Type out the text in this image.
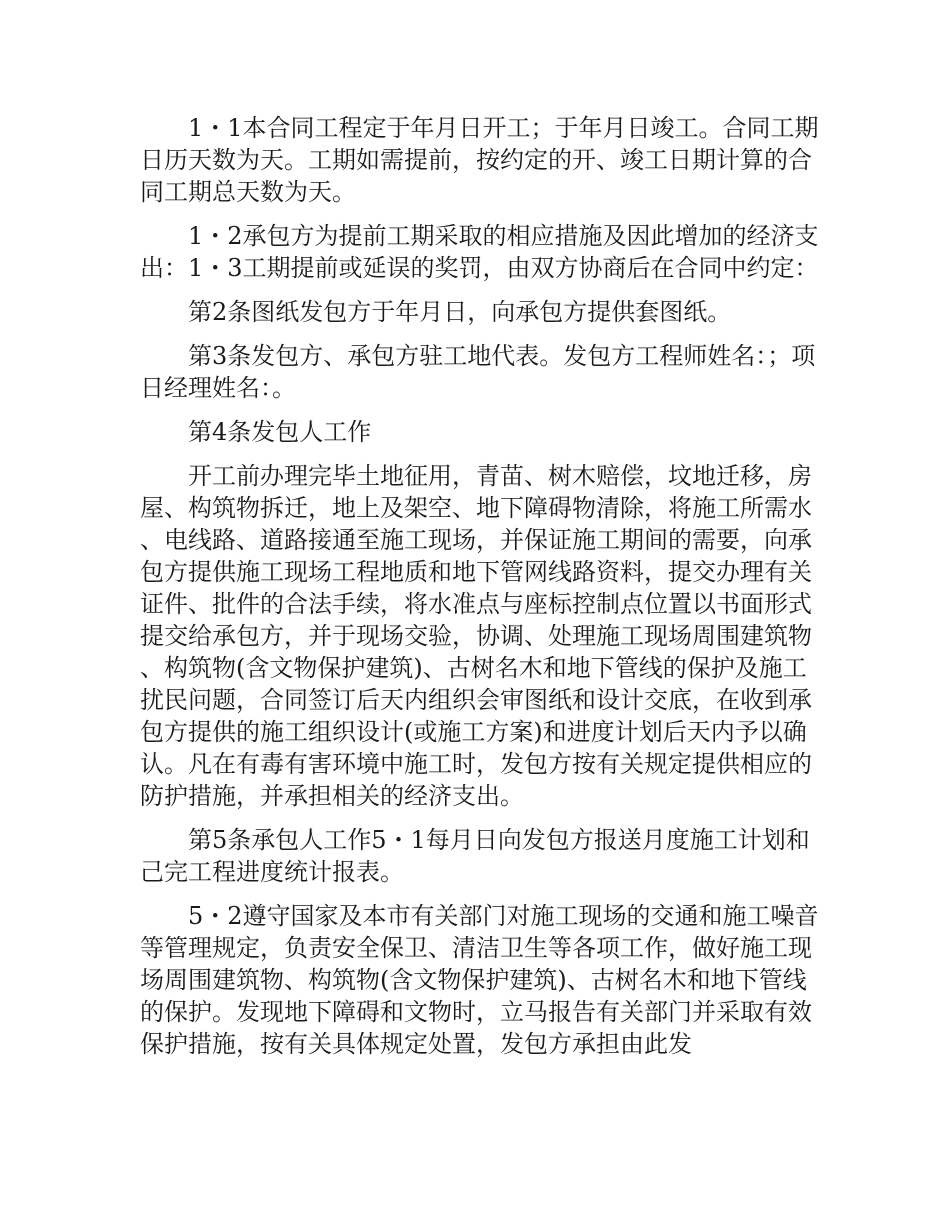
1・1本合同工程定于年月日开工；于年月日竣工。合同工期日历天数为天。工期如需提前，按约定的开、竣工日期计算的合同工期总天数为天。

1・2承包方为提前工期采取的相应措施及因此增加的经济支出：1・3工期提前或延误的奖罚，由双方协商后在合同中约定：

第2条图纸发包方于年月日，向承包方提供套图纸。

第3条发包方、承包方驻工地代表。发包方工程师姓名：；项日经理姓名：。

第4条发包人工作

开工前办理完毕土地征用，青苗、树木赔偿，坟地迁移，房屋、构筑物拆迁，地上及架空、地下障碍物清除，将施工所需水、电线路、道路接通至施工现场，并保证施工期间的需要，向承包方提供施工现场工程地质和地下管网线路资料，提交办理有关证件、批件的合法手续，将水准点与座标控制点位置以书面形式提交给承包方，并于现场交验，协调、处理施工现场周围建筑物、构筑物(含文物保护建筑)、古树名木和地下管线的保护及施工扰民问题，合同签订后天内组织会审图纸和设计交底，在收到承包方提供的施工组织设计(或施工方案)和进度计划后天内予以确认。凡在有毒有害环境中施工时，发包方按有关规定提供相应的防护措施，并承担相关的经济支出。

第5条承包人工作5・1每月日向发包方报送月度施工计划和己完工程进度统计报表。

5・2遵守国家及本市有关部门对施工现场的交通和施工噪音等管理规定，负责安全保卫、清洁卫生等各项工作，做好施工现场周围建筑物、构筑物(含文物保护建筑)、古树名木和地下管线的保护。发现地下障碍和文物时，立马报告有关部门并采取有效保护措施，按有关具体规定处置，发包方承担由此发
